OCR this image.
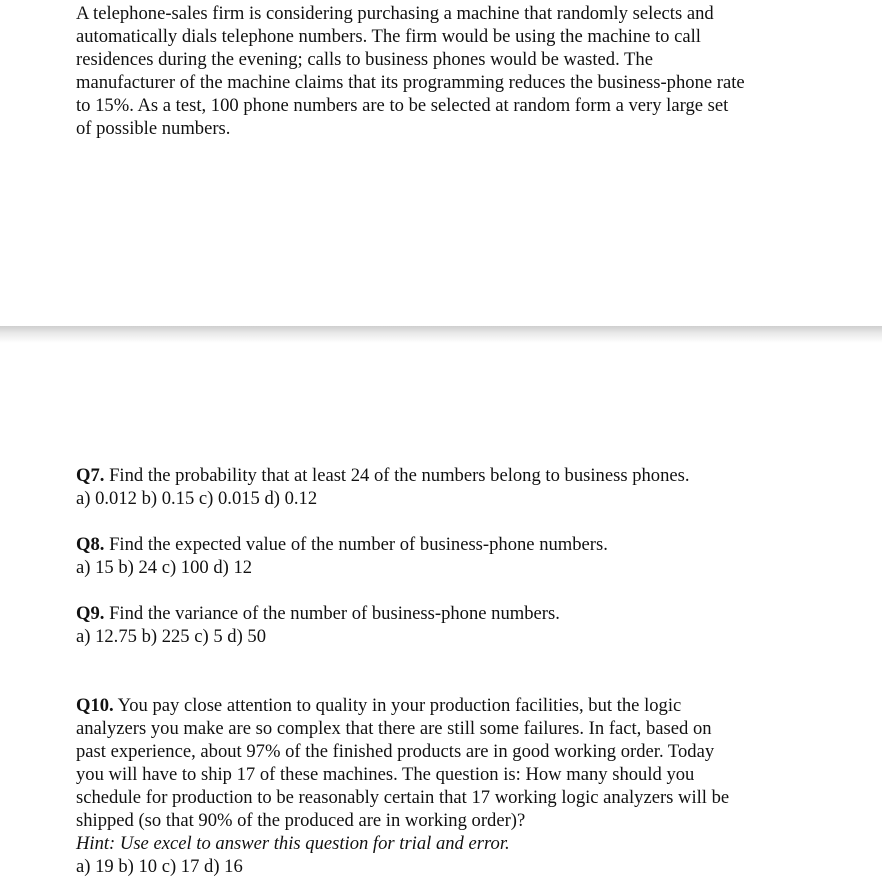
A telephone-sales firm is considering purchasing a machine that randomly selects and
automatically dials telephone numbers. The firm would be using the machine to call
residences during the evening; calls to business phones would be wasted. The
manufacturer of the machine claims that its programming reduces the business-phone rate
to 15%. As a test, 100 phone numbers are to be selected at random form a very large set
of possible numbers.
Q7. Find the probability that at least 24 of the numbers belong to business phones.
a) 0.012 b) 0.15 c) 0.015 d) 0.12
Q8. Find the expected value of the number of business-phone numbers.
a) 15 b) 24 c) 100 d) 12
Q9. Find the variance of the number of business-phone numbers.
a) 12.75 b) 225 c) 5 d) 50
Q10. You pay close attention to quality in your production facilities, but the logic
analyzers you make are so complex that there are still some failures. In fact, based on
past experience, about 97% of the finished products are in good working order. Today
you will have to ship 17 of these machines. The question is: How many should you
schedule for production to be reasonably certain that 17 working logic analyzers will be
shipped (so that 90% of the produced are in working order)?
Hint: Use excel to answer this question for trial and error.
a) 19 b) 10 c) 17 d) 16
